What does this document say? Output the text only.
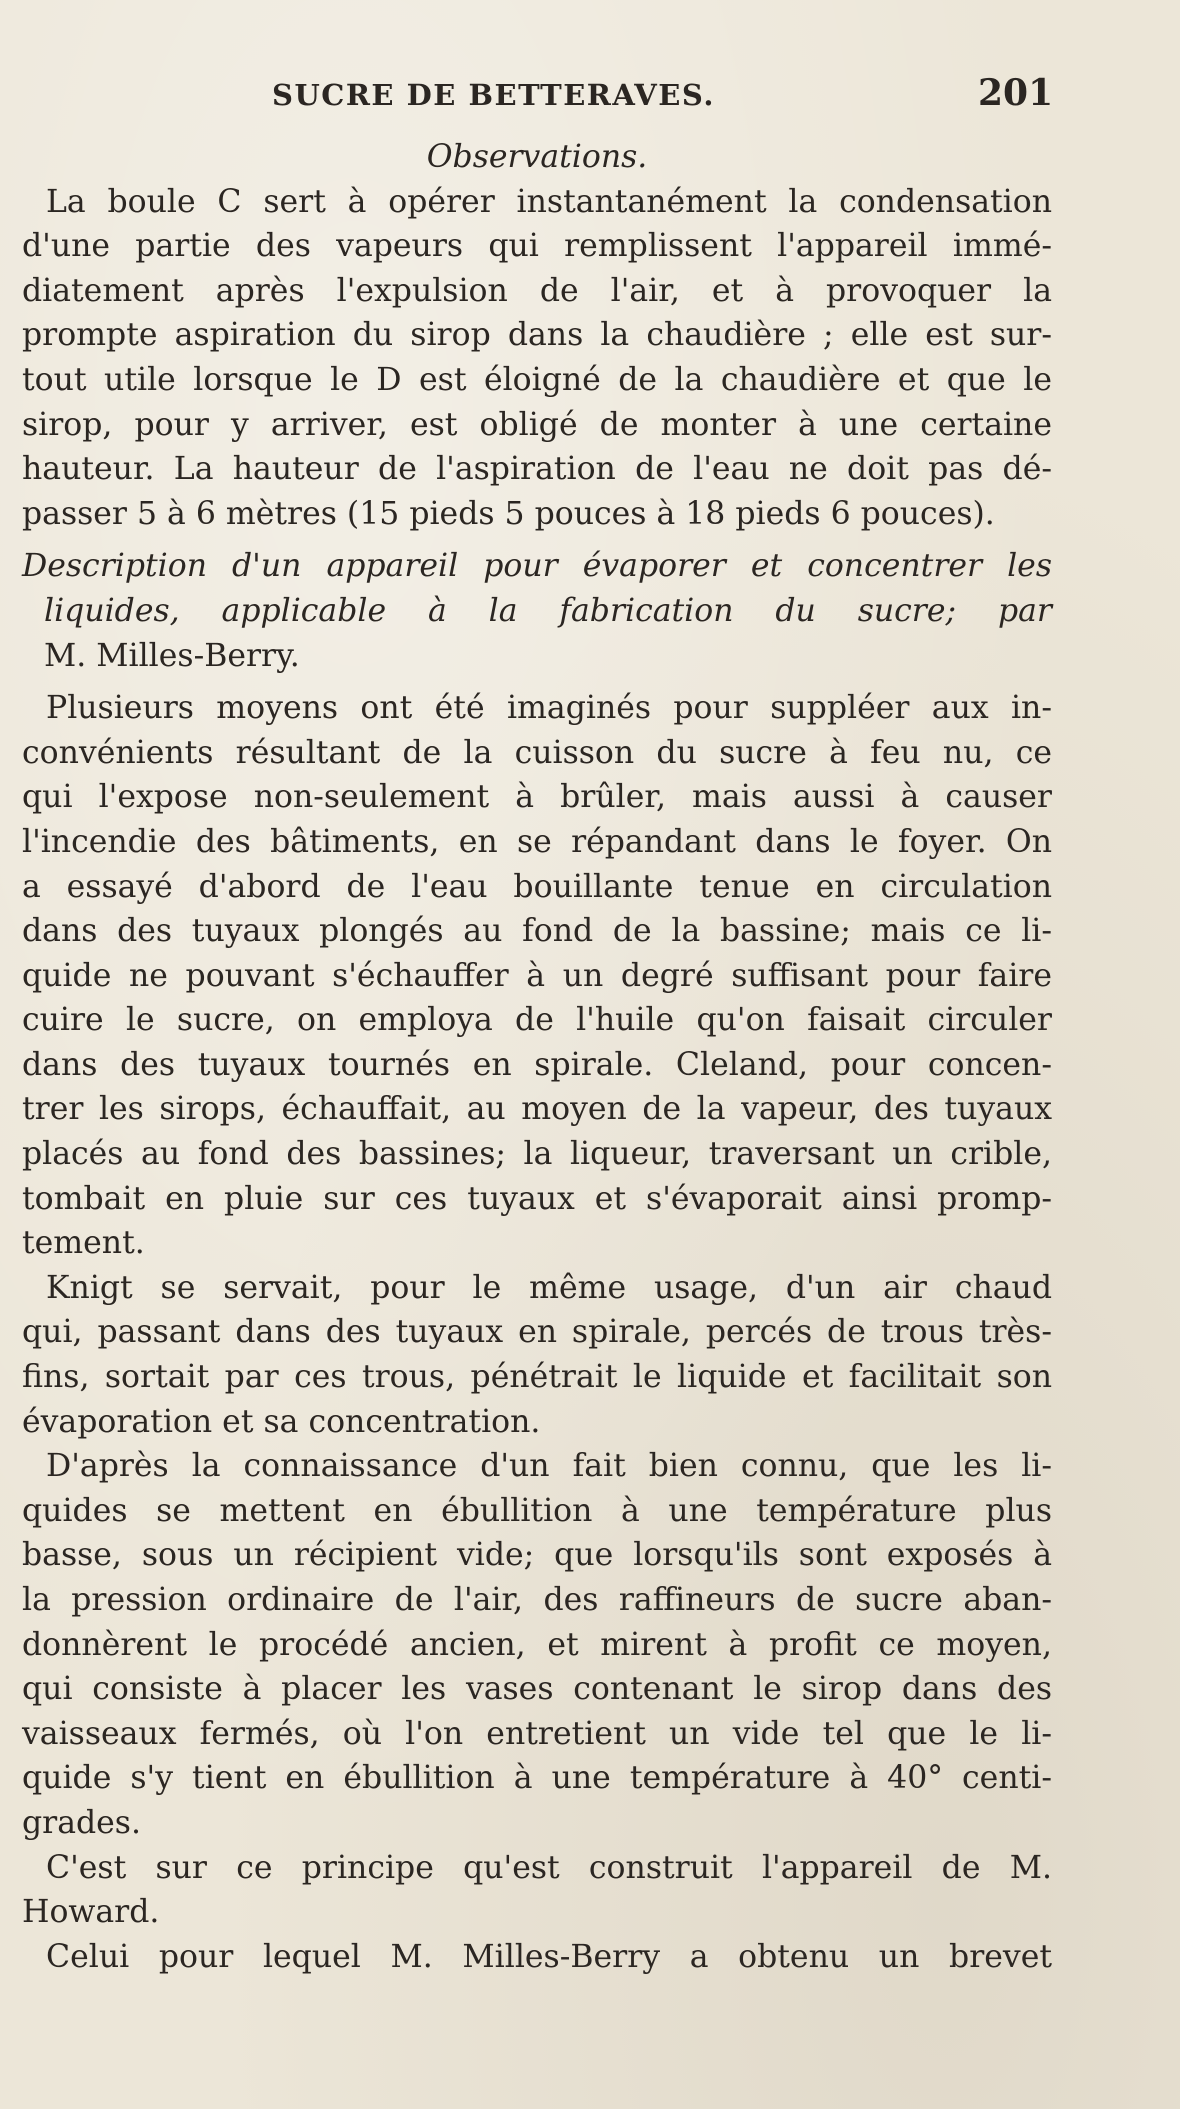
SUCRE DE BETTERAVES.	201
Observations.
La boule C sert à opérer instantanément la condensation
d'une partie des vapeurs qui remplissent l'appareil immé-
diatement après l'expulsion de l'air, et à provoquer la
prompte aspiration du sirop dans la chaudière ; elle est sur-
tout utile lorsque le D est éloigné de la chaudière et que le
sirop, pour y arriver, est obligé de monter à une certaine
hauteur. La hauteur de l'aspiration de l'eau ne doit pas dé-
passer 5 à 6 mètres (15 pieds 5 pouces à 18 pieds 6 pouces).
Description d'un appareil pour évaporer et concentrer les
liquides, applicable à la fabrication du sucre; par
M. Milles-Berry.
Plusieurs moyens ont été imaginés pour suppléer aux in-
convénients résultant de la cuisson du sucre à feu nu, ce
qui l'expose non-seulement à brûler, mais aussi à causer
l'incendie des bâtiments, en se répandant dans le foyer. On
a essayé d'abord de l'eau bouillante tenue en circulation
dans des tuyaux plongés au fond de la bassine; mais ce li-
quide ne pouvant s'échauffer à un degré suffisant pour faire
cuire le sucre, on employa de l'huile qu'on faisait circuler
dans des tuyaux tournés en spirale. Cleland, pour concen-
trer les sirops, échauffait, au moyen de la vapeur, des tuyaux
placés au fond des bassines; la liqueur, traversant un crible,
tombait en pluie sur ces tuyaux et s'évaporait ainsi promp-
tement.
Knigt se servait, pour le même usage, d'un air chaud
qui, passant dans des tuyaux en spirale, percés de trous très-
fins, sortait par ces trous, pénétrait le liquide et facilitait son
évaporation et sa concentration.
D'après la connaissance d'un fait bien connu, que les li-
quides se mettent en ébullition à une température plus
basse, sous un récipient vide; que lorsqu'ils sont exposés à
la pression ordinaire de l'air, des raffineurs de sucre aban-
donnèrent le procédé ancien, et mirent à profit ce moyen,
qui consiste à placer les vases contenant le sirop dans des
vaisseaux fermés, où l'on entretient un vide tel que le li-
quide s'y tient en ébullition à une température à 40° centi-
grades.
C'est sur ce principe qu'est construit l'appareil de M.
Howard.
Celui pour lequel M. Milles-Berry a obtenu un brevet
